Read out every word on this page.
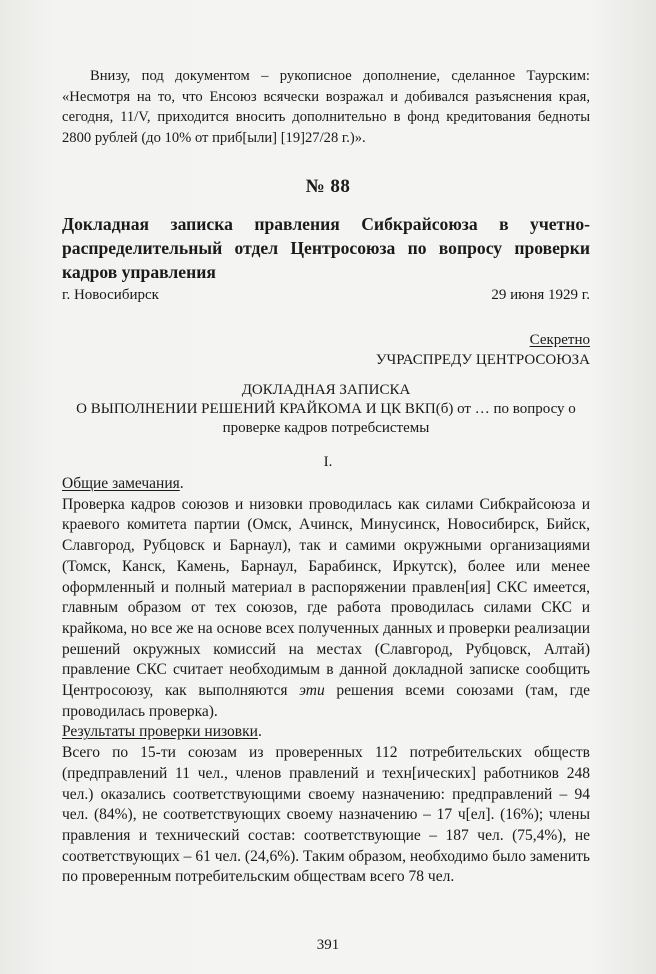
Внизу, под документом – рукописное дополнение, сделанное Таурским: «Несмотря на то, что Енсоюз всячески возражал и добивался разъяснения края, сегодня, 11/V, приходится вносить дополнительно в фонд кредитования бедноты 2800 рублей (до 10% от приб[ыли] [19]27/28 г.)».
№ 88
Докладная записка правления Сибкрайсоюза в учетно-распределительный отдел Центросоюза по вопросу проверки кадров управления
г. Новосибирск	29 июня 1929 г.
Секретно
УЧРАСПРЕДУ ЦЕНТРОСОЮЗА
ДОКЛАДНАЯ ЗАПИСКА
О ВЫПОЛНЕНИИ РЕШЕНИЙ КРАЙКОМА И ЦК ВКП(б) от … по вопросу о проверке кадров потребсистемы
I.

Общие замечания.

Проверка кадров союзов и низовки проводилась как силами Сибкрайсоюза и краевого комитета партии (Омск, Ачинск, Минусинск, Новосибирск, Бийск, Славгород, Рубцовск и Барнаул), так и самими окружными организациями (Томск, Канск, Камень, Барнаул, Барабинск, Иркутск), более или менее оформленный и полный материал в распоряжении правлен[ия] СКС имеется, главным образом от тех союзов, где работа проводилась силами СКС и крайкома, но все же на основе всех полученных данных и проверки реализации решений окружных комиссий на местах (Славгород, Рубцовск, Алтай) правление СКС считает необходимым в данной докладной записке сообщить Центросоюзу, как выполняются эти решения всеми союзами (там, где проводилась проверка).

Результаты проверки низовки.

Всего по 15-ти союзам из проверенных 112 потребительских обществ (предправлений 11 чел., членов правлений и техн[ических] работников 248 чел.) оказались соответствующими своему назначению: предправлений – 94 чел. (84%), не соответствующих своему назначению – 17 ч[ел]. (16%); члены правления и технический состав: соответствующие – 187 чел. (75,4%), не соответствующих – 61 чел. (24,6%). Таким образом, необходимо было заменить по проверенным потребительским обществам всего 78 чел.

391
